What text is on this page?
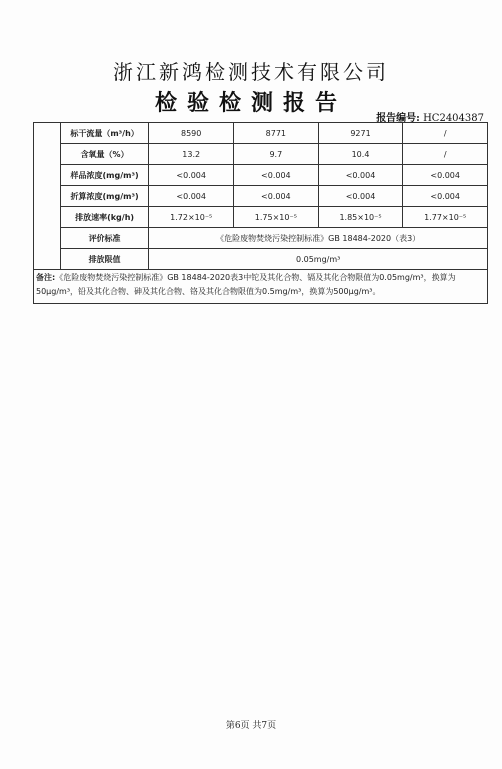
浙江新鸿检测技术有限公司
检验检测报告
报告编号: HC2404387
	标干流量（m³/h）	8590	8771	9271	/
	含氧量（%）	13.2	9.7	10.4	/
	样品浓度(mg/m³)	<0.004	<0.004	<0.004	<0.004
	折算浓度(mg/m³)	<0.004	<0.004	<0.004	<0.004
	排放速率(kg/h)	1.72×10⁻⁵	1.75×10⁻⁵	1.85×10⁻⁵	1.77×10⁻⁵
	评价标准	《危险废物焚烧污染控制标准》GB 18484-2020（表3）			
	排放限值	0.05mg/m³			
备注:《危险废物焚烧污染控制标准》GB 18484-2020表3中铊及其化合物、镉及其化合物限值为0.05mg/m³，换算为50μg/m³，铅及其化合物、砷及其化合物、铬及其化合物限值为0.5mg/m³，换算为500μg/m³。
第6页 共7页
